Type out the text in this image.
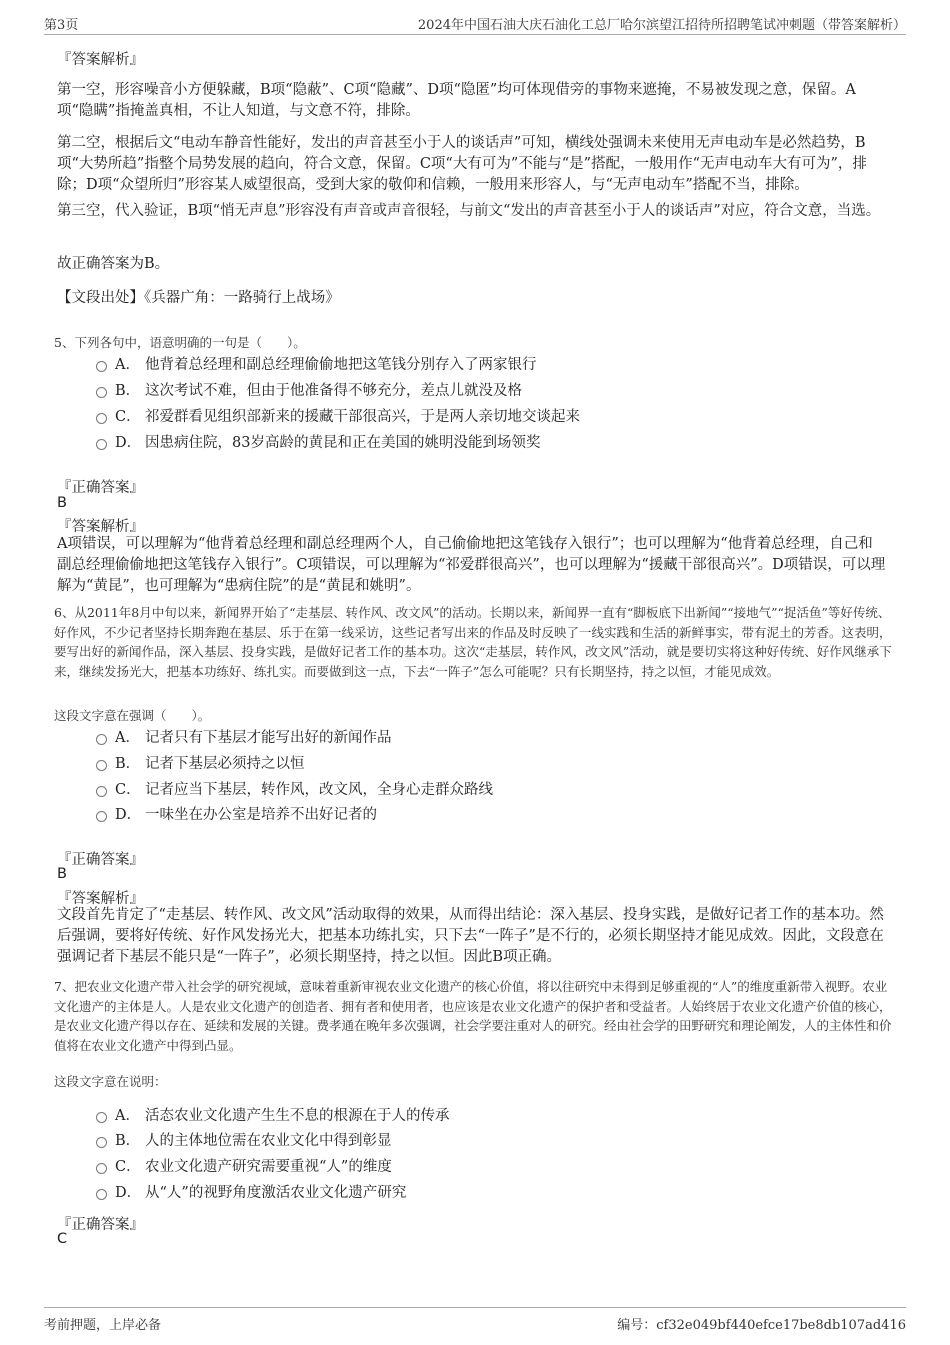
第3页	2024年中国石油大庆石油化工总厂哈尔滨望江招待所招聘笔试冲刺题（带答案解析）
『答案解析』

第一空，形容噪音小方便躲藏，B项“隐蔽”、C项“隐藏”、D项“隐匿”均可体现借旁的事物来遮掩，不易被发现之意，保留。A项“隐瞒”指掩盖真相，不让人知道，与文意不符，排除。

第二空，根据后文“电动车静音性能好，发出的声音甚至小于人的谈话声”可知，横线处强调未来使用无声电动车是必然趋势，B项“大势所趋”指整个局势发展的趋向，符合文意，保留。C项“大有可为”不能与“是”搭配，一般用作“无声电动车大有可为”，排除；D项“众望所归”形容某人威望很高，受到大家的敬仰和信赖，一般用来形容人，与“无声电动车”搭配不当，排除。

第三空，代入验证，B项“悄无声息”形容没有声音或声音很轻，与前文“发出的声音甚至小于人的谈话声”对应，符合文意，当选。

故正确答案为B。

【文段出处】《兵器广角：一路骑行上战场》

5、下列各句中，语意明确的一句是（　　）。

A． 他背着总经理和副总经理偷偷地把这笔钱分别存入了两家银行
B． 这次考试不难，但由于他准备得不够充分，差点儿就没及格
C． 祁爱群看见组织部新来的援藏干部很高兴，于是两人亲切地交谈起来
D． 因患病住院，83岁高龄的黄昆和正在美国的姚明没能到场领奖
『正确答案』
B
『答案解析』

A项错误，可以理解为“他背着总经理和副总经理两个人，自己偷偷地把这笔钱存入银行”；也可以理解为“他背着总经理，自己和副总经理偷偷地把这笔钱存入银行”。C项错误，可以理解为“祁爱群很高兴”，也可以理解为“援藏干部很高兴”。D项错误，可以理解为“黄昆”，也可理解为“患病住院”的是“黄昆和姚明”。

6、从2011年8月中旬以来，新闻界开始了“走基层、转作风、改文风”的活动。长期以来，新闻界一直有“脚板底下出新闻”“接地气”“捉活鱼”等好传统、好作风，不少记者坚持长期奔跑在基层、乐于在第一线采访，这些记者写出来的作品及时反映了一线实践和生活的新鲜事实，带有泥土的芳香。这表明，要写出好的新闻作品，深入基层、投身实践，是做好记者工作的基本功。这次“走基层，转作风，改文风”活动，就是要切实将这种好传统、好作风继承下来，继续发扬光大，把基本功练好、练扎实。而要做到这一点，下去“一阵子”怎么可能呢？只有长期坚持，持之以恒，才能见成效。

这段文字意在强调（　　）。

A． 记者只有下基层才能写出好的新闻作品
B． 记者下基层必须持之以恒
C． 记者应当下基层，转作风，改文风，全身心走群众路线
D． 一味坐在办公室是培养不出好记者的
『正确答案』
B
『答案解析』

文段首先肯定了“走基层、转作风、改文风”活动取得的效果，从而得出结论：深入基层、投身实践，是做好记者工作的基本功。然后强调，要将好传统、好作风发扬光大，把基本功练扎实，只下去“一阵子”是不行的，必须长期坚持才能见成效。因此，文段意在强调记者下基层不能只是“一阵子”，必须长期坚持，持之以恒。因此B项正确。

7、把农业文化遗产带入社会学的研究视域，意味着重新审视农业文化遗产的核心价值，将以往研究中未得到足够重视的“人”的维度重新带入视野。农业文化遗产的主体是人。人是农业文化遗产的创造者、拥有者和使用者，也应该是农业文化遗产的保护者和受益者。人始终居于农业文化遗产价值的核心，是农业文化遗产得以存在、延续和发展的关键。费孝通在晚年多次强调，社会学要注重对人的研究。经由社会学的田野研究和理论阐发，人的主体性和价值将在农业文化遗产中得到凸显。

这段文字意在说明：

A． 活态农业文化遗产生生不息的根源在于人的传承
B． 人的主体地位需在农业文化中得到彰显
C． 农业文化遗产研究需要重视“人”的维度
D． 从“人”的视野角度激活农业文化遗产研究
『正确答案』
C
考前押题，上岸必备	编号：cf32e049bf440efce17be8db107ad416
